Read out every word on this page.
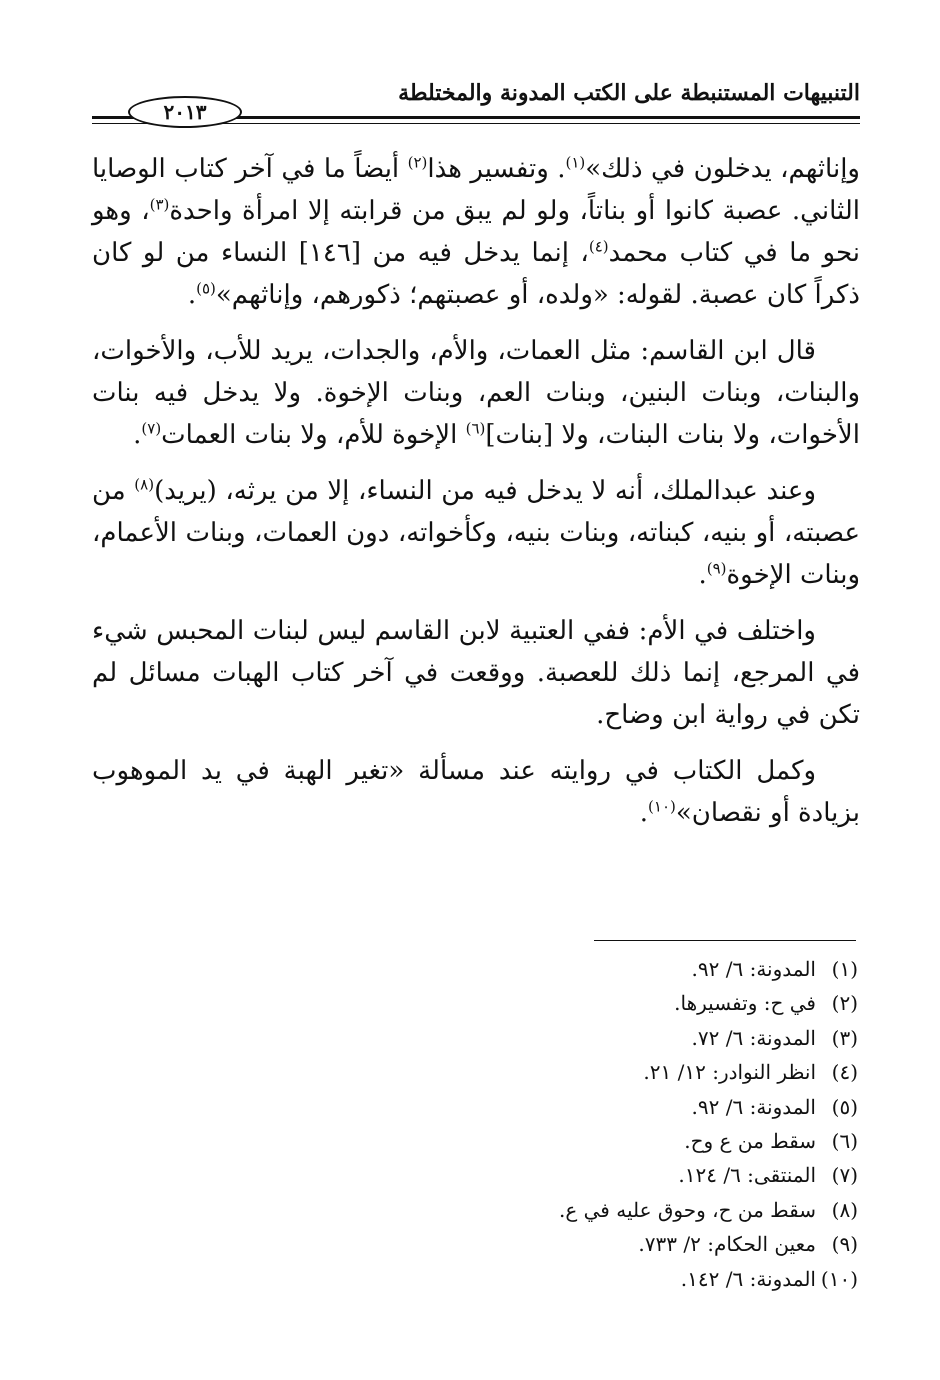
التنبيهات المستنبطة على الكتب المدونة والمختلطة
٢٠١٣

وإناثهم، يدخلون في ذلك»$^{(١)}$. وتفسير هذا$^{(٢)}$ أيضاً ما في آخر كتاب الوصايا الثاني. عصبة كانوا أو بناتاً، ولو لم يبق من قرابته إلا امرأة واحدة$^{(٣)}$، وهو نحو ما في كتاب محمد$^{(٤)}$، إنما يدخل فيه من [١٤٦] النساء من لو كان ذكراً كان عصبة. لقوله: «ولده، أو عصبتهم؛ ذكورهم، وإناثهم»$^{(٥)}$.

قال ابن القاسم: مثل العمات، والأم، والجدات، يريد للأب، والأخوات، والبنات، وبنات البنين، وبنات العم، وبنات الإخوة. ولا يدخل فيه بنات الأخوات، ولا بنات البنات، ولا [بنات]$^{(٦)}$ الإخوة للأم، ولا بنات العمات$^{(٧)}$.

وعند عبدالملك، أنه لا يدخل فيه من النساء، إلا من يرثه، (يريد)$^{(٨)}$ من عصبته، أو بنيه، كبناته، وبنات بنيه، وكأخواته، دون العمات، وبنات الأعمام، وبنات الإخوة$^{(٩)}$.

واختلف في الأم: ففي العتبية لابن القاسم ليس لبنات المحبس شيء في المرجع، إنما ذلك للعصبة. ووقعت في آخر كتاب الهبات مسائل لم تكن في رواية ابن وضاح.

وكمل الكتاب في روايته عند مسألة «تغير الهبة في يد الموهوب بزيادة أو نقصان»$^{(١٠)}$.

(١)المدونة: ٦/ ٩٢.
(٢)في ح: وتفسيرها.
(٣)المدونة: ٦/ ٧٢.
(٤)انظر النوادر: ١٢/ ٢١.
(٥)المدونة: ٦/ ٩٢.
(٦)سقط من ع وح.
(٧)المنتقى: ٦/ ١٢٤.
(٨)سقط من ح، وحوق عليه في ع.
(٩)معين الحكام: ٢/ ٧٣٣.
(١٠)المدونة: ٦/ ١٤٢.
